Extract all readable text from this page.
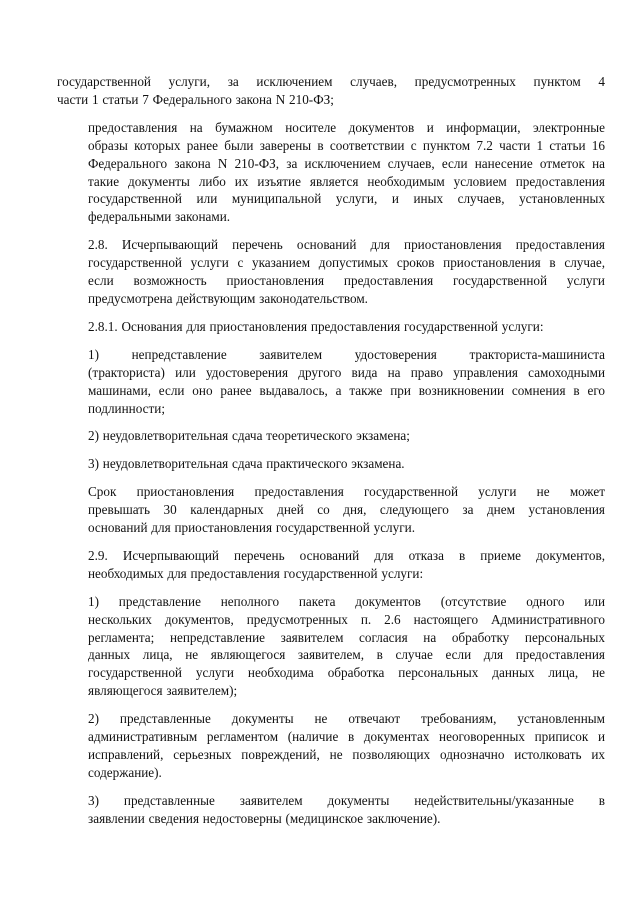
государственной услуги, за исключением случаев, предусмотренных пунктом 4
части 1 статьи 7 Федерального закона N 210-ФЗ;

предоставления на бумажном носителе документов и информации, электронные
образы которых ранее были заверены в соответствии с пунктом 7.2 части 1 статьи 16
Федерального закона N 210-ФЗ, за исключением случаев, если нанесение отметок на
такие документы либо их изъятие является необходимым условием предоставления
государственной или муниципальной услуги, и иных случаев, установленных
федеральными законами.

2.8. Исчерпывающий перечень оснований для приостановления предоставления
государственной услуги с указанием допустимых сроков приостановления в случае,
если возможность приостановления предоставления государственной услуги
предусмотрена действующим законодательством.

2.8.1. Основания для приостановления предоставления государственной услуги:

1) непредставление заявителем удостоверения тракториста-машиниста
(тракториста) или удостоверения другого вида на право управления самоходными
машинами, если оно ранее выдавалось, а также при возникновении сомнения в его
подлинности;

2) неудовлетворительная сдача теоретического экзамена;

3) неудовлетворительная сдача практического экзамена.

Срок приостановления предоставления государственной услуги не может
превышать 30 календарных дней со дня, следующего за днем установления
оснований для приостановления государственной услуги.

2.9. Исчерпывающий перечень оснований для отказа в приеме документов,
необходимых для предоставления государственной услуги:

1) представление неполного пакета документов (отсутствие одного или
нескольких документов, предусмотренных п. 2.6 настоящего Административного
регламента; непредставление заявителем согласия на обработку персональных
данных лица, не являющегося заявителем, в случае если для предоставления
государственной услуги необходима обработка персональных данных лица, не
являющегося заявителем);

2) представленные документы не отвечают требованиям, установленным
административным регламентом (наличие в документах неоговоренных приписок и
исправлений, серьезных повреждений, не позволяющих однозначно истолковать их
содержание).

3) представленные заявителем документы недействительны/указанные в
заявлении сведения недостоверны (медицинское заключение).
